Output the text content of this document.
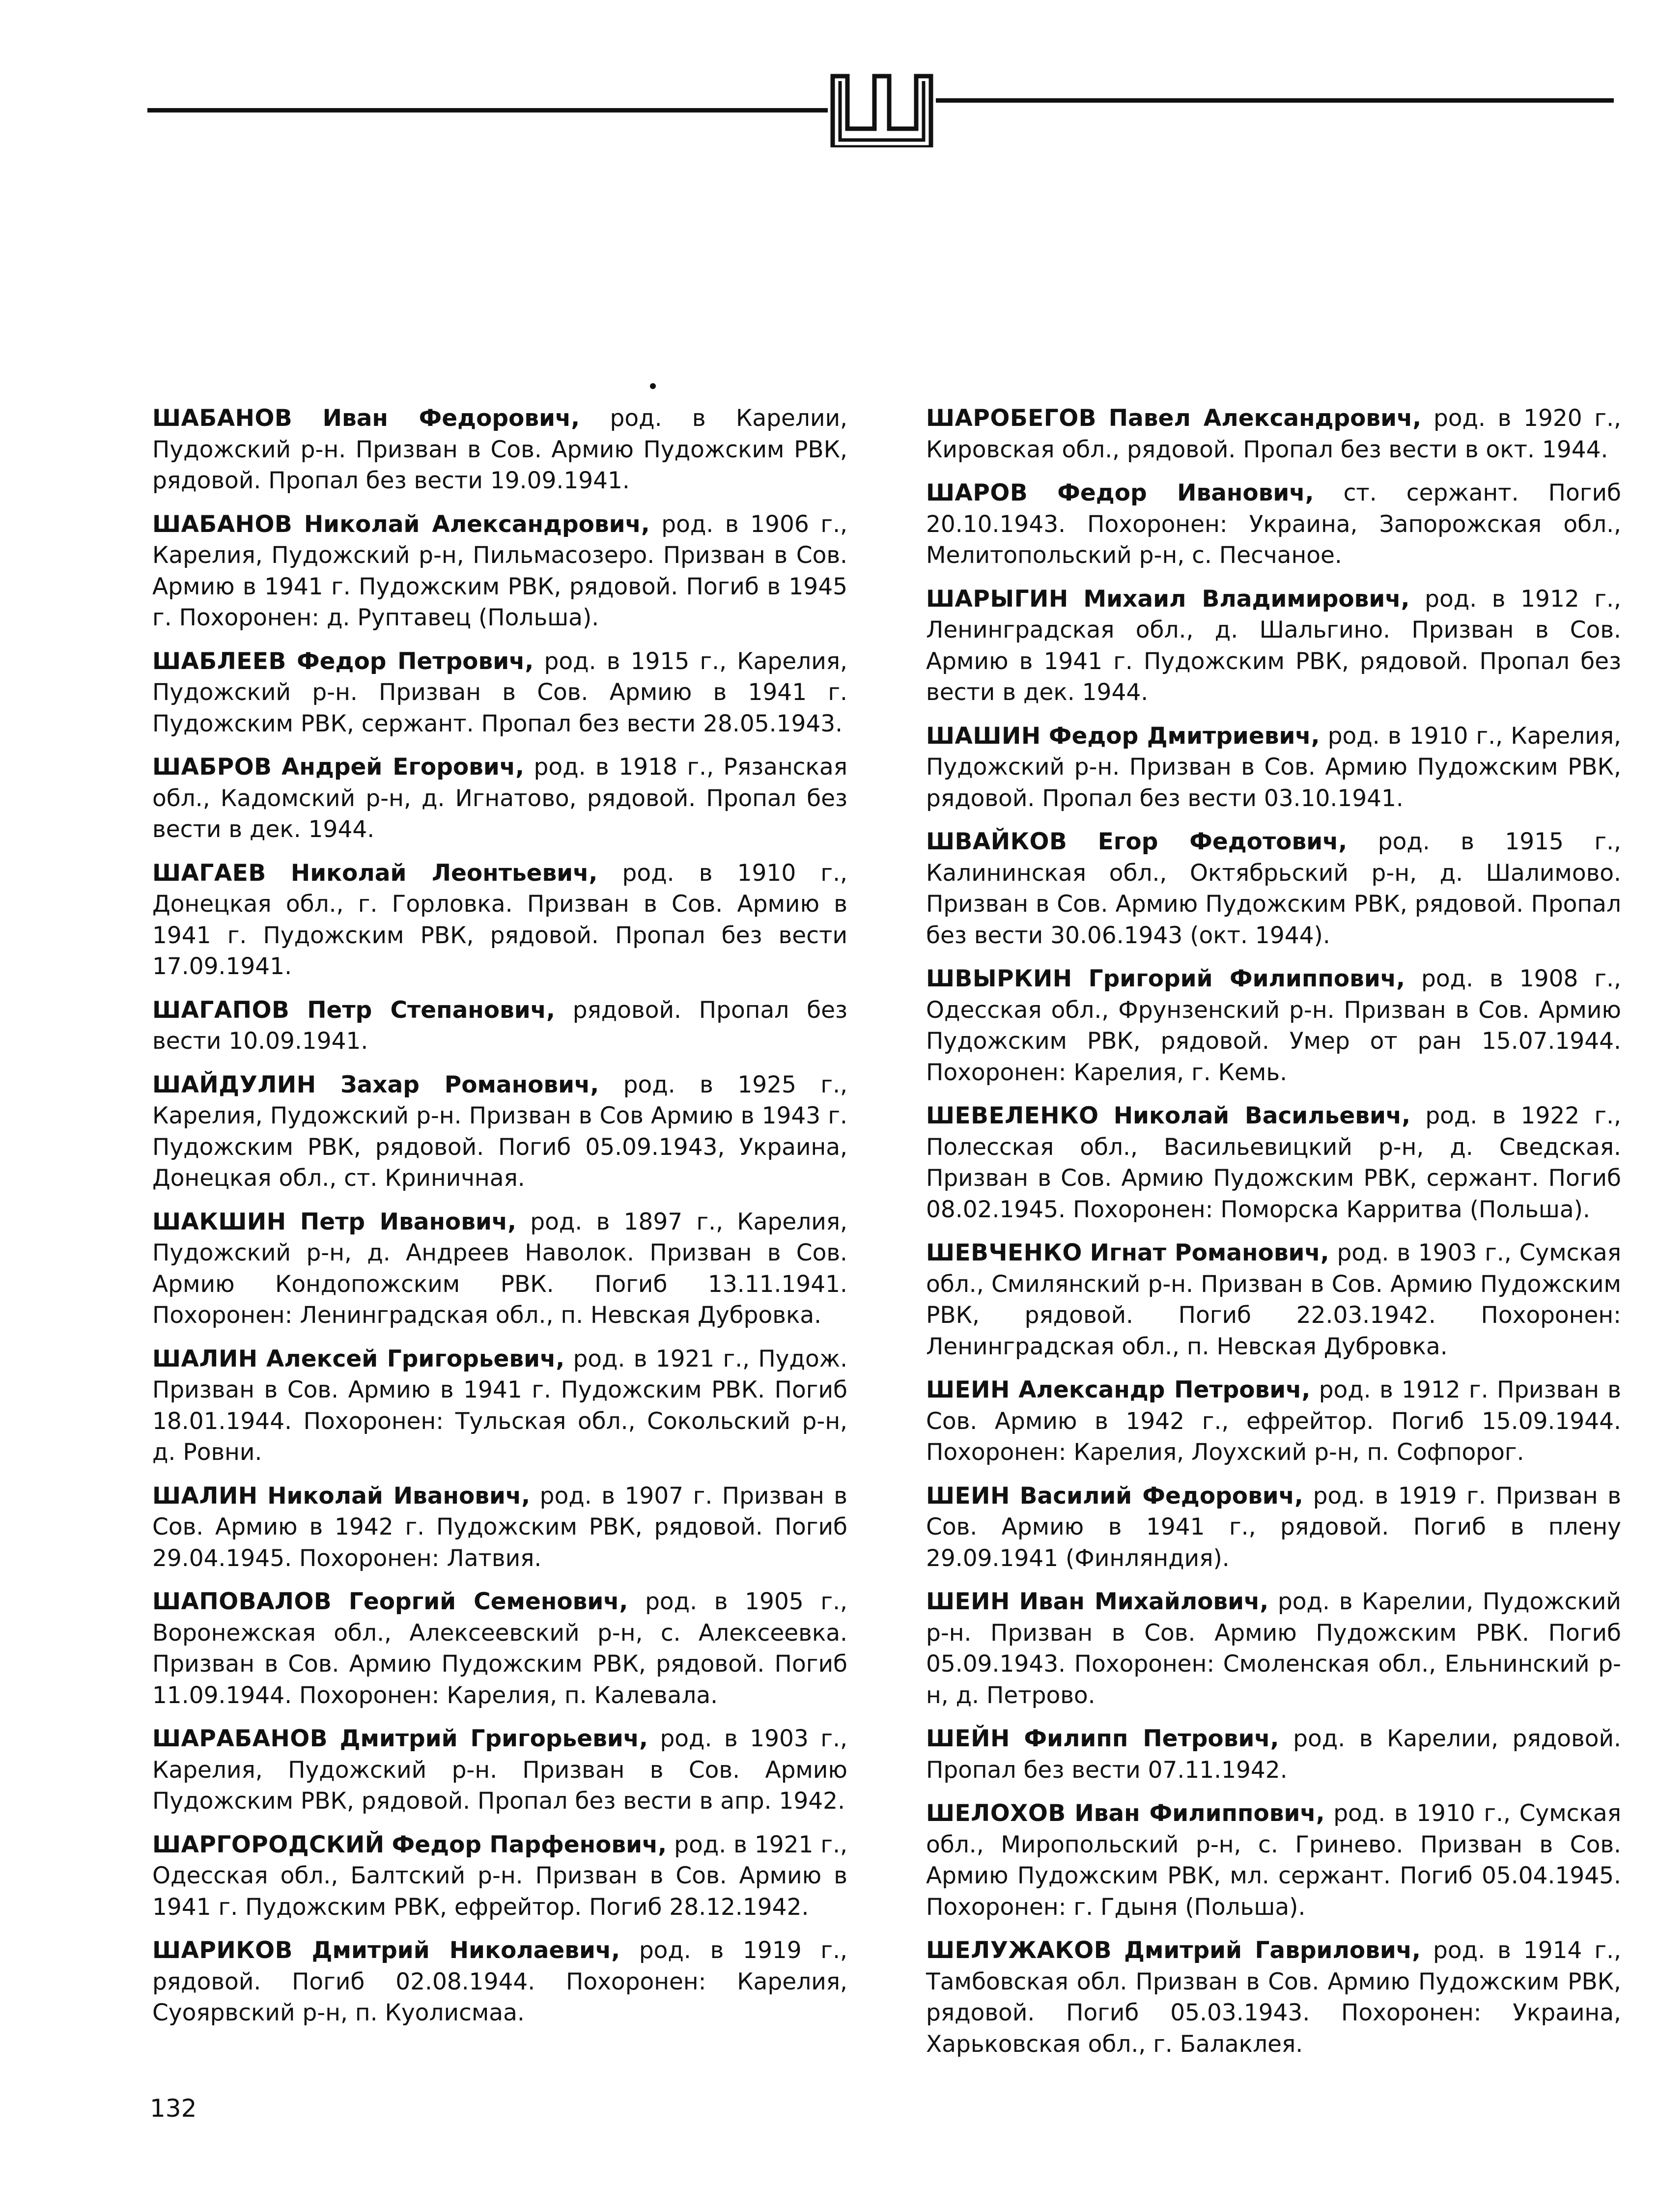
ШАБАНОВ Иван Федорович, род. в Карелии, Пудожский р-н. Призван в Сов. Армию Пудожским РВК, рядовой. Пропал без вести 19.09.1941.

ШАБАНОВ Николай Александрович, род. в 1906 г., Карелия, Пудожский р-н, Пильмасозеро. Призван в Сов. Армию в 1941 г. Пудожским РВК, рядовой. Погиб в 1945 г. Похоронен: д. Руптавец (Польша).

ШАБЛЕЕВ Федор Петрович, род. в 1915 г., Карелия, Пудожский р-н. Призван в Сов. Армию в 1941 г. Пудожским РВК, сержант. Пропал без вести 28.05.1943.

ШАБРОВ Андрей Егорович, род. в 1918 г., Рязанская обл., Кадомский р-н, д. Игнатово, рядовой. Пропал без вести в дек. 1944.

ШАГАЕВ Николай Леонтьевич, род. в 1910 г., Донецкая обл., г. Горловка. Призван в Сов. Армию в 1941 г. Пудожским РВК, рядовой. Пропал без вести 17.09.1941.

ШАГАПОВ Петр Степанович, рядовой. Пропал без вести 10.09.1941.

ШАЙДУЛИН Захар Романович, род. в 1925 г., Карелия, Пудожский р-н. Призван в Сов Армию в 1943 г. Пудожским РВК, рядовой. Погиб 05.09.1943, Украина, Донецкая обл., ст. Криничная.

ШАКШИН Петр Иванович, род. в 1897 г., Карелия, Пудожский р-н, д. Андреев Наволок. Призван в Сов. Армию Кондопожским РВК. Погиб 13.11.1941. Похоронен: Ленинградская обл., п. Невская Дубровка.

ШАЛИН Алексей Григорьевич, род. в 1921 г., Пудож. Призван в Сов. Армию в 1941 г. Пудожским РВК. Погиб 18.01.1944. Похоронен: Тульская обл., Сокольский р-н, д. Ровни.

ШАЛИН Николай Иванович, род. в 1907 г. Призван в Сов. Армию в 1942 г. Пудожским РВК, рядовой. Погиб 29.04.1945. Похоронен: Латвия.

ШАПОВАЛОВ Георгий Семенович, род. в 1905 г., Воронежская обл., Алексеевский р-н, с. Алексеевка. Призван в Сов. Армию Пудожским РВК, рядовой. Погиб 11.09.1944. Похоронен: Карелия, п. Калевала.

ШАРАБАНОВ Дмитрий Григорьевич, род. в 1903 г., Карелия, Пудожский р-н. Призван в Сов. Армию Пудожским РВК, рядовой. Пропал без вести в апр. 1942.

ШАРГОРОДСКИЙ Федор Парфенович, род. в 1921 г., Одесская обл., Балтский р-н. Призван в Сов. Армию в 1941 г. Пудожским РВК, ефрейтор. Погиб 28.12.1942.

ШАРИКОВ Дмитрий Николаевич, род. в 1919 г., рядовой. Погиб 02.08.1944. Похоронен: Карелия, Суоярвский р-н, п. Куолисмаа.

ШАРОБЕГОВ Павел Александрович, род. в 1920 г., Кировская обл., рядовой. Пропал без вести в окт. 1944.

ШАРОВ Федор Иванович, ст. сержант. Погиб 20.10.1943. Похоронен: Украина, Запорожская обл., Мелитопольский р-н, с. Песчаное.

ШАРЫГИН Михаил Владимирович, род. в 1912 г., Ленинградская обл., д. Шальгино. Призван в Сов. Армию в 1941 г. Пудожским РВК, рядовой. Пропал без вести в дек. 1944.

ШАШИН Федор Дмитриевич, род. в 1910 г., Карелия, Пудожский р-н. Призван в Сов. Армию Пудожским РВК, рядовой. Пропал без вести 03.10.1941.

ШВАЙКОВ Егор Федотович, род. в 1915 г., Калининская обл., Октябрьский р-н, д. Шалимово. Призван в Сов. Армию Пудожским РВК, рядовой. Пропал без вести 30.06.1943 (окт. 1944).

ШВЫРКИН Григорий Филиппович, род. в 1908 г., Одесская обл., Фрунзенский р-н. Призван в Сов. Армию Пудожским РВК, рядовой. Умер от ран 15.07.1944. Похоронен: Карелия, г. Кемь.

ШЕВЕЛЕНКО Николай Васильевич, род. в 1922 г., Полесская обл., Васильевицкий р-н, д. Сведская. Призван в Сов. Армию Пудожским РВК, сержант. Погиб 08.02.1945. Похоронен: Поморска Карритва (Польша).

ШЕВЧЕНКО Игнат Романович, род. в 1903 г., Сумская обл., Смилянский р-н. Призван в Сов. Армию Пудожским РВК, рядовой. Погиб 22.03.1942. Похоронен: Ленинградская обл., п. Невская Дубровка.

ШЕИН Александр Петрович, род. в 1912 г. Призван в Сов. Армию в 1942 г., ефрейтор. Погиб 15.09.1944. Похоронен: Карелия, Лоухский р-н, п. Софпорог.

ШЕИН Василий Федорович, род. в 1919 г. Призван в Сов. Армию в 1941 г., рядовой. Погиб в плену 29.09.1941 (Финляндия).

ШЕИН Иван Михайлович, род. в Карелии, Пудожский р-н. Призван в Сов. Армию Пудожским РВК. Погиб 05.09.1943. Похоронен: Смоленская обл., Ельнинский р-н, д. Петрово.

ШЕЙН Филипп Петрович, род. в Карелии, рядовой. Пропал без вести 07.11.1942.

ШЕЛОХОВ Иван Филиппович, род. в 1910 г., Сумская обл., Миропольский р-н, с. Гринево. Призван в Сов. Армию Пудожским РВК, мл. сержант. Погиб 05.04.1945. Похоронен: г. Гдыня (Польша).

ШЕЛУЖАКОВ Дмитрий Гаврилович, род. в 1914 г., Тамбовская обл. Призван в Сов. Армию Пудожским РВК, рядовой. Погиб 05.03.1943. Похоронен: Украина, Харьковская обл., г. Балаклея.

132
